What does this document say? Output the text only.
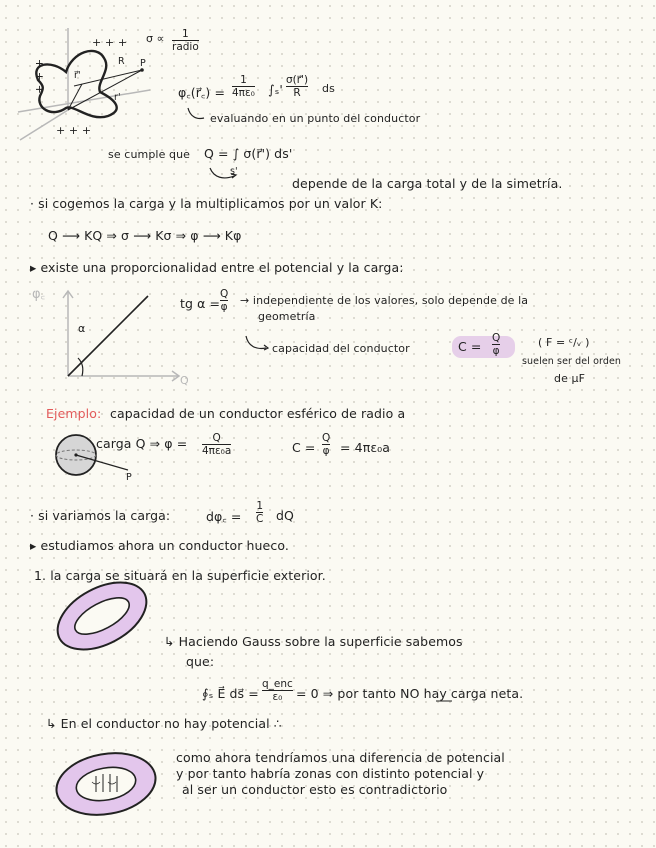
+ + +
+ + +
+ + +
R P
r'
r⃗'
φ꜀
Q
α
P
σ ∝ 1
radio
φ꜀(r⃗꜀) =
1
4πε₀ ∫ₛ'
σ(r⃗')
R ds
evaluando en un punto del conductor
se cumple que Q = ∫ σ(r⃗') ds'
s'
depende de la carga total y de la simetría.
· si cogemos la carga y la multiplicamos por un valor K:
Q ⟶ KQ ⇒ σ ⟶ Kσ ⇒ φ ⟶ Kφ
▸ existe una proporcionalidad entre el potencial y la carga:
tg α =
Q
φ → independiente de los valores, solo depende de la
geometría
capacidad del conductor	C =
Q
φ
( F = ᶜ/ᵥ )
suelen ser del orden
de μF
Ejemplo: capacidad de un conductor esférico de radio a
carga Q ⇒ φ = Q
4πε₀a	C =
Q
φ = 4πε₀a
· si variamos la carga:	dφ꜀ =
1
C dQ
▸ estudiamos ahora un conductor hueco.
1. la carga se situará en la superficie exterior.
↳ Haciendo Gauss sobre la superficie sabemos
que:
∮ₛ E⃗ ds⃗ =
q_enc
ε₀ = 0 ⇒ por tanto NO hay carga neta.
↳ En el conductor no hay potencial ∴
como ahora tendríamos una diferencia de potencial
y por tanto habría zonas con distinto potencial y
al ser un conductor esto es contradictorio
